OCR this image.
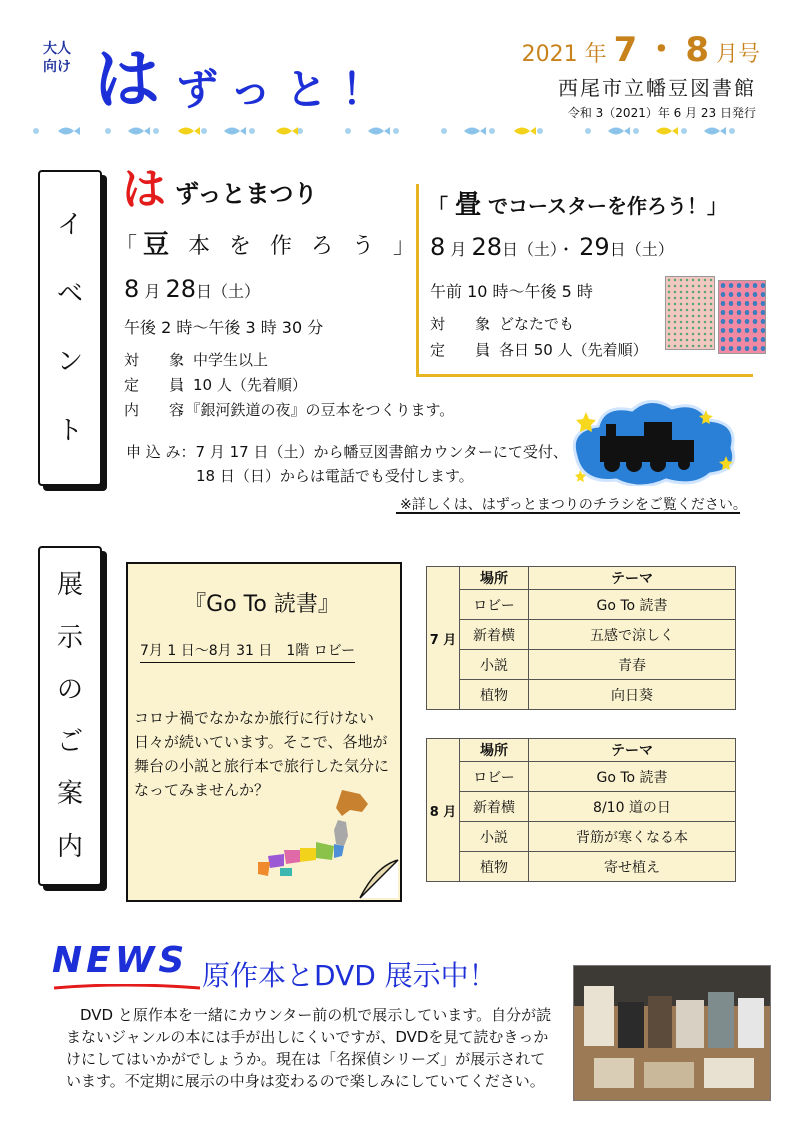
大人向け は ずっと！
2021 年 7 ・ 8 月号
西尾市立幡豆図書館
令和 3（2021）年 6 月 23 日発行
イ
ベ
ン
ト
は ずっとまつり
「豆 本 を 作 ろ う 」
8 月 28日（土）
午後 2 時〜午後 3 時 30 分
対　　象：中学生以上
定　　員：10 人（先着順）
内　　容：『銀河鉄道の夜』の豆本をつくります。
「 畳 でコースターを作ろう！」
8 月 28日（土）・ 29日（土）
午前 10 時〜午後 5 時
対　　象：どなたでも
定　　員：各日 50 人（先着順）
申 込 み：7 月 17 日（土）から幡豆図書館カウンターにて受付、
18 日（日）からは電話でも受付します。
※詳しくは、はずっとまつりのチラシをご覧ください。
展
示
の
ご
案
内
『Go To 読書』
7月 1 日〜8月 31 日　1階 ロビー
コロナ禍でなかなか旅行に行けない日々が続いています。そこで、各地が舞台の小説と旅行本で旅行した気分になってみませんか？
7 月	場所	テーマ
	ロビー	Go To 読書
	新着横	五感で涼しく
	小説	青春
	植物	向日葵
8 月	場所	テーマ
	ロビー	Go To 読書
	新着横	8/10 道の日
	小説	背筋が寒くなる本
	植物	寄せ植え
NEWS 原作本とDVD 展示中！
DVD と原作本を一緒にカウンター前の机で展示しています。自分が読まないジャンルの本には手が出しにくいですが、DVDを見て読むきっかけにしてはいかがでしょうか。現在は「名探偵シリーズ」が展示されています。不定期に展示の中身は変わるので楽しみにしていてください。
